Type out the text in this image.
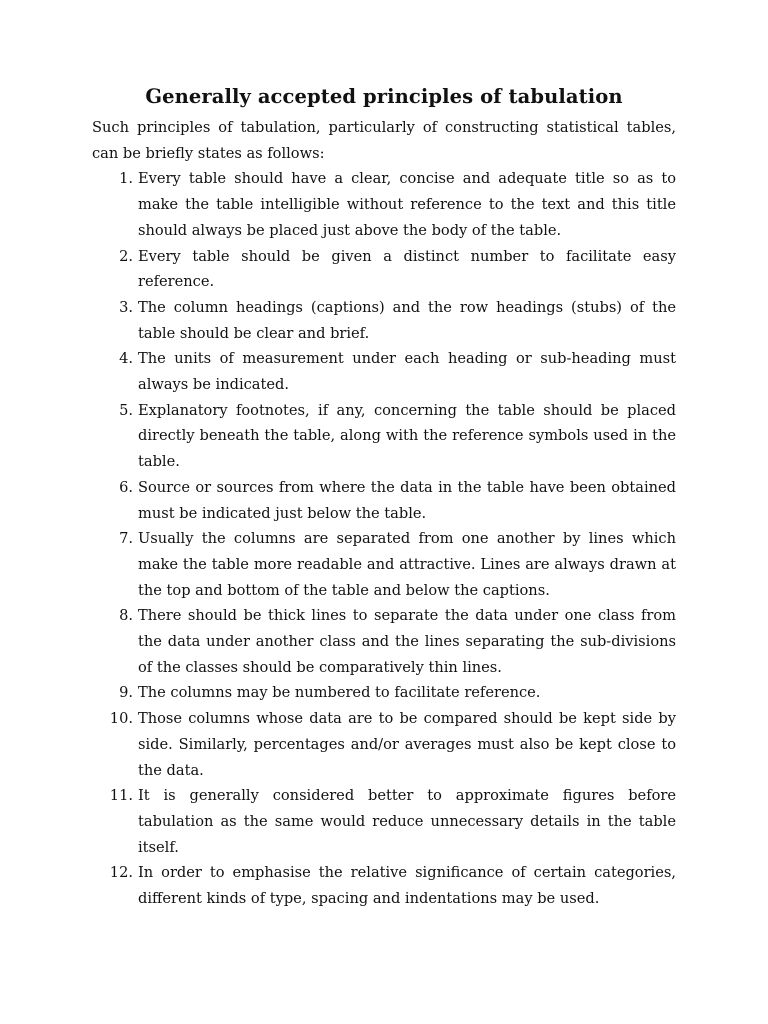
Generally accepted principles of tabulation

Such principles of tabulation, particularly of constructing statistical tables, can be briefly states as follows:

1. Every table should have a clear, concise and adequate title so as to make the table intelligible without reference to the text and this title should always be placed just above the body of the table.
2. Every table should be given a distinct number to facilitate easy reference.
3. The column headings (captions) and the row headings (stubs) of the table should be clear and brief.
4. The units of measurement under each heading or sub-heading must always be indicated.
5. Explanatory footnotes, if any, concerning the table should be placed directly beneath the table, along with the reference symbols used in the table.
6. Source or sources from where the data in the table have been obtained must be indicated just below the table.
7. Usually the columns are separated from one another by lines which make the table more readable and attractive. Lines are always drawn at the top and bottom of the table and below the captions.
8. There should be thick lines to separate the data under one class from the data under another class and the lines separating the sub-divisions of the classes should be comparatively thin lines.
9. The columns may be numbered to facilitate reference.
10. Those columns whose data are to be compared should be kept side by side. Similarly, percentages and/or averages must also be kept close to the data.
11. It is generally considered better to approximate figures before tabulation as the same would reduce unnecessary details in the table itself.
12. In order to emphasise the relative significance of certain categories, different kinds of type, spacing and indentations may be used.
